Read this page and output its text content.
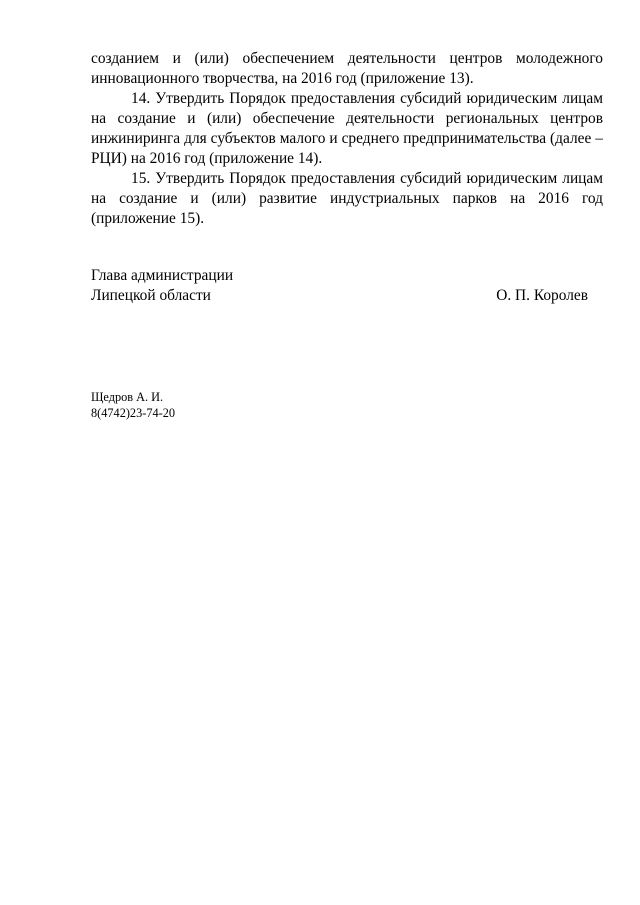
созданием и (или) обеспечением деятельности центров молодежного инновационного творчества, на 2016 год (приложение 13).

14. Утвердить Порядок предоставления субсидий юридическим лицам на создание и (или) обеспечение деятельности региональных центров инжиниринга для субъектов малого и среднего предпринимательства (далее – РЦИ) на 2016 год (приложение 14).

15. Утвердить Порядок предоставления субсидий юридическим лицам на создание и (или) развитие индустриальных парков на 2016 год (приложение 15).

Глава администрации
Липецкой области	О. П. Королев
Щедров А. И.
8(4742)23-74-20
